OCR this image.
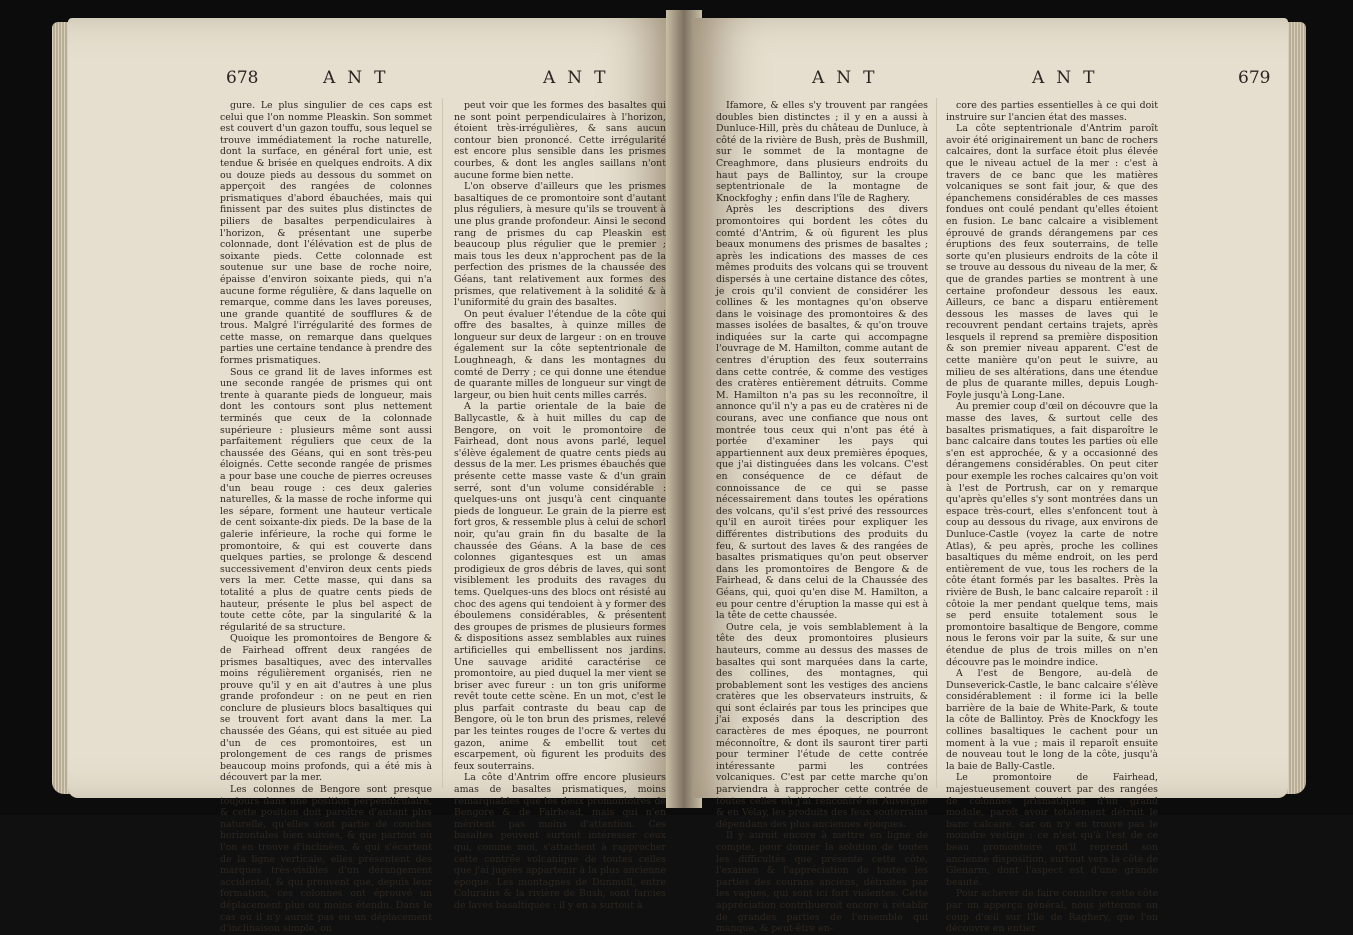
678	ANT	ANT

gure. Le plus singulier de ces caps est celui que l'on nomme Pleaskin. Son sommet est couvert d'un gazon touffu, sous lequel se trouve immédiatement la roche naturelle, dont la surface, en général fort unie, est tendue & brisée en quelques endroits. A dix ou douze pieds au dessous du sommet on apperçoit des rangées de colonnes prismatiques d'abord ébauchées, mais qui finissent par des suites plus distinctes de piliers de basaltes perpendiculaires à l'horizon, & présentant une superbe colonnade, dont l'élévation est de plus de soixante pieds. Cette colonnade est soutenue sur une base de roche noire, épaisse d'environ soixante pieds, qui n'a aucune forme régulière, & dans laquelle on remarque, comme dans les laves poreuses, une grande quantité de soufflures & de trous. Malgré l'irrégularité des formes de cette masse, on remarque dans quelques parties une certaine tendance à prendre des formes prismatiques.

Sous ce grand lit de laves informes est une seconde rangée de prismes qui ont trente à quarante pieds de longueur, mais dont les contours sont plus nettement terminés que ceux de la colonnade supérieure : plusieurs même sont aussi parfaitement réguliers que ceux de la chaussée des Géans, qui en sont très-peu éloignés. Cette seconde rangée de prismes a pour base une couche de pierres ocreuses d'un beau rouge : ces deux galeries naturelles, & la masse de roche informe qui les sépare, forment une hauteur verticale de cent soixante-dix pieds. De la base de la galerie inférieure, la roche qui forme le promontoire, & qui est couverte dans quelques parties, se prolonge & descend successivement d'environ deux cents pieds vers la mer. Cette masse, qui dans sa totalité a plus de quatre cents pieds de hauteur, présente le plus bel aspect de toute cette côte, par la singularité & la régularité de sa structure.

Quoique les promontoires de Bengore & de Fairhead offrent deux rangées de prismes basaltiques, avec des intervalles moins régulièrement organisés, rien ne prouve qu'il y en ait d'autres à une plus grande profondeur : on ne peut en rien conclure de plusieurs blocs basaltiques qui se trouvent fort avant dans la mer. La chaussée des Géans, qui est située au pied d'un de ces promontoires, est un prolongement de ces rangs de prismes beaucoup moins profonds, qui a été mis à découvert par la mer.

Les colonnes de Bengore sont presque toujours dans une position perpendiculaire, & cette position doit paroître d'autant plus naturelle, qu'elles sont partie de couches horizontales bien suivies, & que partout où l'on en trouve d'inclinées, & qui s'écartent de la ligne verticale, elles présentent des marques très-visibles d'un dérangement accidentel, & qui prouvent que, depuis leur formation, ces colonnes ont éprouvé un déplacement plus ou moins étendu. Dans le cas où il n'y auroit pas eu un déplacement d'inclinaison simple, on

peut voir que les formes des basaltes qui ne sont point perpendiculaires à l'horizon, étoient très-irrégulières, & sans aucun contour bien prononcé. Cette irrégularité est encore plus sensible dans les prismes courbes, & dont les angles saillans n'ont aucune forme bien nette.

L'on observe d'ailleurs que les prismes basaltiques de ce promontoire sont d'autant plus réguliers, à mesure qu'ils se trouvent à une plus grande profondeur. Ainsi le second rang de prismes du cap Pleaskin est beaucoup plus régulier que le premier ; mais tous les deux n'approchent pas de la perfection des prismes de la chaussée des Géans, tant relativement aux formes des prismes, que relativement à la solidité & à l'uniformité du grain des basaltes.

On peut évaluer l'étendue de la côte qui offre des basaltes, à quinze milles de longueur sur deux de largeur : on en trouve également sur la côte septentrionale de Loughneagh, & dans les montagnes du comté de Derry ; ce qui donne une étendue de quarante milles de longueur sur vingt de largeur, ou bien huit cents milles carrés.

A la partie orientale de la baie de Ballycastle, & à huit milles du cap de Bengore, on voit le promontoire de Fairhead, dont nous avons parlé, lequel s'élève également de quatre cents pieds au dessus de la mer. Les prismes ébauchés que présente cette masse vaste & d'un grain serré, sont d'un volume considérable : quelques-uns ont jusqu'à cent cinquante pieds de longueur. Le grain de la pierre est fort gros, & ressemble plus à celui de schorl noir, qu'au grain fin du basalte de la chaussée des Géans. A la base de ces colonnes gigantesques est un amas prodigieux de gros débris de laves, qui sont visiblement les produits des ravages du tems. Quelques-uns des blocs ont résisté au choc des agens qui tendoient à y former des éboulemens considérables, & présentent des groupes de prismes de plusieurs formes & dispositions assez semblables aux ruines artificielles qui embellissent nos jardins. Une sauvage aridité caractérise ce promontoire, au pied duquel la mer vient se briser avec fureur : un ton gris uniforme revêt toute cette scène. En un mot, c'est le plus parfait contraste du beau cap de Bengore, où le ton brun des prismes, relevé par les teintes rouges de l'ocre & vertes du gazon, anime & embellit tout cet escarpement, où figurent les produits des feux souterrains.

La côte d'Antrim offre encore plusieurs amas de basaltes prismatiques, moins remarquables que les deux promontoires de Bengore & de Fairhead, mais qui n'en méritent pas moins d'attention. Ces basaltes peuvent surtout intéresser ceux qui, comme moi, s'attachent à rapprocher cette contrée volcanique de toutes celles que j'ai jugées appartenir à la plus ancienne époque. Les montagnes de Dunmull, entre Colurains & la rivière de Bush, sont farcies de laves basaltiques : il y en a surtout à

ANT	ANT	679

Ifamore, & elles s'y trouvent par rangées doubles bien distinctes ; il y en a aussi à Dunluce-Hill, près du château de Dunluce, à côté de la rivière de Bush, près de Bushmill, sur le sommet de la montagne de Creaghmore, dans plusieurs endroits du haut pays de Ballintoy, sur la croupe septentrionale de la montagne de Knockfoghy ; enfin dans l'île de Raghery.

Après les descriptions des divers promontoires qui bordent les côtes du comté d'Antrim, & où figurent les plus beaux monumens des prismes de basaltes ; après les indications des masses de ces mêmes produits des volcans qui se trouvent dispersés à une certaine distance des côtes, je crois qu'il convient de considérer les collines & les montagnes qu'on observe dans le voisinage des promontoires & des masses isolées de basaltes, & qu'on trouve indiquées sur la carte qui accompagne l'ouvrage de M. Hamilton, comme autant de centres d'éruption des feux souterrains dans cette contrée, & comme des vestiges des cratères entièrement détruits. Comme M. Hamilton n'a pas su les reconnoître, il annonce qu'il n'y a pas eu de cratères ni de courans, avec une confiance que nous ont montrée tous ceux qui n'ont pas été à portée d'examiner les pays qui appartiennent aux deux premières époques, que j'ai distinguées dans les volcans. C'est en conséquence de ce défaut de connoissance de ce qui se passe nécessairement dans toutes les opérations des volcans, qu'il s'est privé des ressources qu'il en auroit tirées pour expliquer les différentes distributions des produits du feu, & surtout des laves & des rangées de basaltes prismatiques qu'on peut observer dans les promontoires de Bengore & de Fairhead, & dans celui de la Chaussée des Géans, qui, quoi qu'en dise M. Hamilton, a eu pour centre d'éruption la masse qui est à la tête de cette chaussée.

Outre cela, je vois semblablement à la tête des deux promontoires plusieurs hauteurs, comme au dessus des masses de basaltes qui sont marquées dans la carte, des collines, des montagnes, qui probablement sont les vestiges des anciens cratères que les observateurs instruits, & qui sont éclairés par tous les principes que j'ai exposés dans la description des caractères de mes époques, ne pourront méconnoître, & dont ils sauront tirer parti pour terminer l'étude de cette contrée intéressante parmi les contrées volcaniques. C'est par cette marche qu'on parviendra à rapprocher cette contrée de toutes celles où j'ai rencontré en Auvergne & en Vélay, les produits des feux souterrains dépendans des plus anciennes époques.

Il y auroit encore à mettre en ligne de compte, pour donner la solution de toutes les difficultés que présente cette côte, l'examen & l'appréciation de toutes les parties des courans anciens, détruites par les vagues, qui sont ici fort violentes. Cette appréciation contribueroit encore à rétablir de grandes parties de l'ensemble qui manque, & peut-être en-

core des parties essentielles à ce qui doit instruire sur l'ancien état des masses.

La côte septentrionale d'Antrim paroît avoir été originairement un banc de rochers calcaires, dont la surface étoit plus élevée que le niveau actuel de la mer : c'est à travers de ce banc que les matières volcaniques se sont fait jour, & que des épanchemens considérables de ces masses fondues ont coulé pendant qu'elles étoient en fusion. Le banc calcaire a visiblement éprouvé de grands dérangemens par ces éruptions des feux souterrains, de telle sorte qu'en plusieurs endroits de la côte il se trouve au dessous du niveau de la mer, & que de grandes parties se montrent à une certaine profondeur dessous les eaux. Ailleurs, ce banc a disparu entièrement dessous les masses de laves qui le recouvrent pendant certains trajets, après lesquels il reprend sa première disposition & son premier niveau apparent. C'est de cette manière qu'on peut le suivre, au milieu de ses altérations, dans une étendue de plus de quarante milles, depuis Lough-Foyle jusqu'à Long-Lane.

Au premier coup d'œil on découvre que la masse des laves, & surtout celle des basaltes prismatiques, a fait disparoître le banc calcaire dans toutes les parties où elle s'en est approchée, & y a occasionné des dérangemens considérables. On peut citer pour exemple les roches calcaires qu'on voit à l'est de Portrush, car on y remarque qu'après qu'elles s'y sont montrées dans un espace très-court, elles s'enfoncent tout à coup au dessous du rivage, aux environs de Dunluce-Castle (voyez la carte de notre Atlas), & peu après, proche les collines basaltiques du même endroit, on les perd entièrement de vue, tous les rochers de la côte étant formés par les basaltes. Près la rivière de Bush, le banc calcaire reparoît : il côtoie la mer pendant quelque tems, mais se perd ensuite totalement sous le promontoire basaltique de Bengore, comme nous le ferons voir par la suite, & sur une étendue de plus de trois milles on n'en découvre pas le moindre indice.

A l'est de Bengore, au-delà de Dunseverick-Castle, le banc calcaire s'élève considérablement : il forme ici la belle barrière de la baie de White-Park, & toute la côte de Ballintoy. Près de Knockfogy les collines basaltiques le cachent pour un moment à la vue ; mais il reparoît ensuite de nouveau tout le long de la côte, jusqu'à la baie de Bally-Castle.

Le promontoire de Fairhead, majestueusement couvert par des rangées de colonnes prismatiques d'un grand module, paroît avoir totalement détruit le banc calcaire, car on n'y en trouve pas le moindre vestige : ce n'est qu'à l'est de ce beau promontoire qu'il reprend son ancienne disposition, surtout vers la côte de Glenarm, dont l'aspect est d'une grande beauté.

Pour achever de faire connoître cette côte par un apperçu général, nous jetterons un coup d'œil sur l'île de Raghery, que l'on découvre en entier
